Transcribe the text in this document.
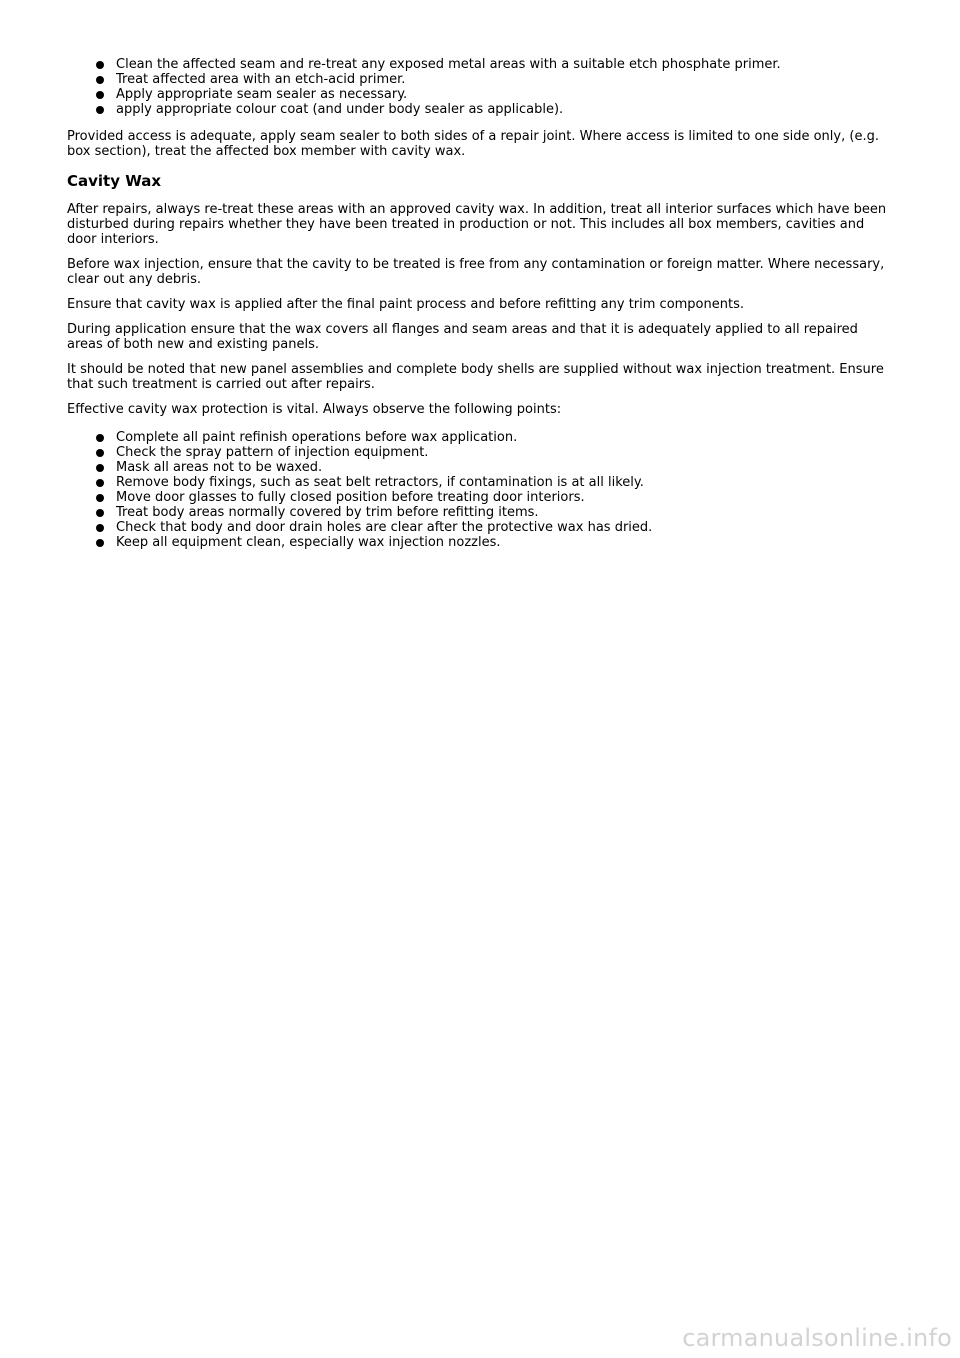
Clean the affected seam and re-treat any exposed metal areas with a suitable etch phosphate primer.
Treat affected area with an etch-acid primer.
Apply appropriate seam sealer as necessary.
apply appropriate colour coat (and under body sealer as applicable).

Provided access is adequate, apply seam sealer to both sides of a repair joint. Where access is limited to one side only, (e.g. box section), treat the affected box member with cavity wax.

Cavity Wax

After repairs, always re-treat these areas with an approved cavity wax. In addition, treat all interior surfaces which have been disturbed during repairs whether they have been treated in production or not. This includes all box members, cavities and door interiors.

Before wax injection, ensure that the cavity to be treated is free from any contamination or foreign matter. Where necessary, clear out any debris.

Ensure that cavity wax is applied after the final paint process and before refitting any trim components.

During application ensure that the wax covers all flanges and seam areas and that it is adequately applied to all repaired areas of both new and existing panels.

It should be noted that new panel assemblies and complete body shells are supplied without wax injection treatment. Ensure that such treatment is carried out after repairs.

Effective cavity wax protection is vital. Always observe the following points:

Complete all paint refinish operations before wax application.
Check the spray pattern of injection equipment.
Mask all areas not to be waxed.
Remove body fixings, such as seat belt retractors, if contamination is at all likely.
Move door glasses to fully closed position before treating door interiors.
Treat body areas normally covered by trim before refitting items.
Check that body and door drain holes are clear after the protective wax has dried.
Keep all equipment clean, especially wax injection nozzles.
carmanualsonline.info
